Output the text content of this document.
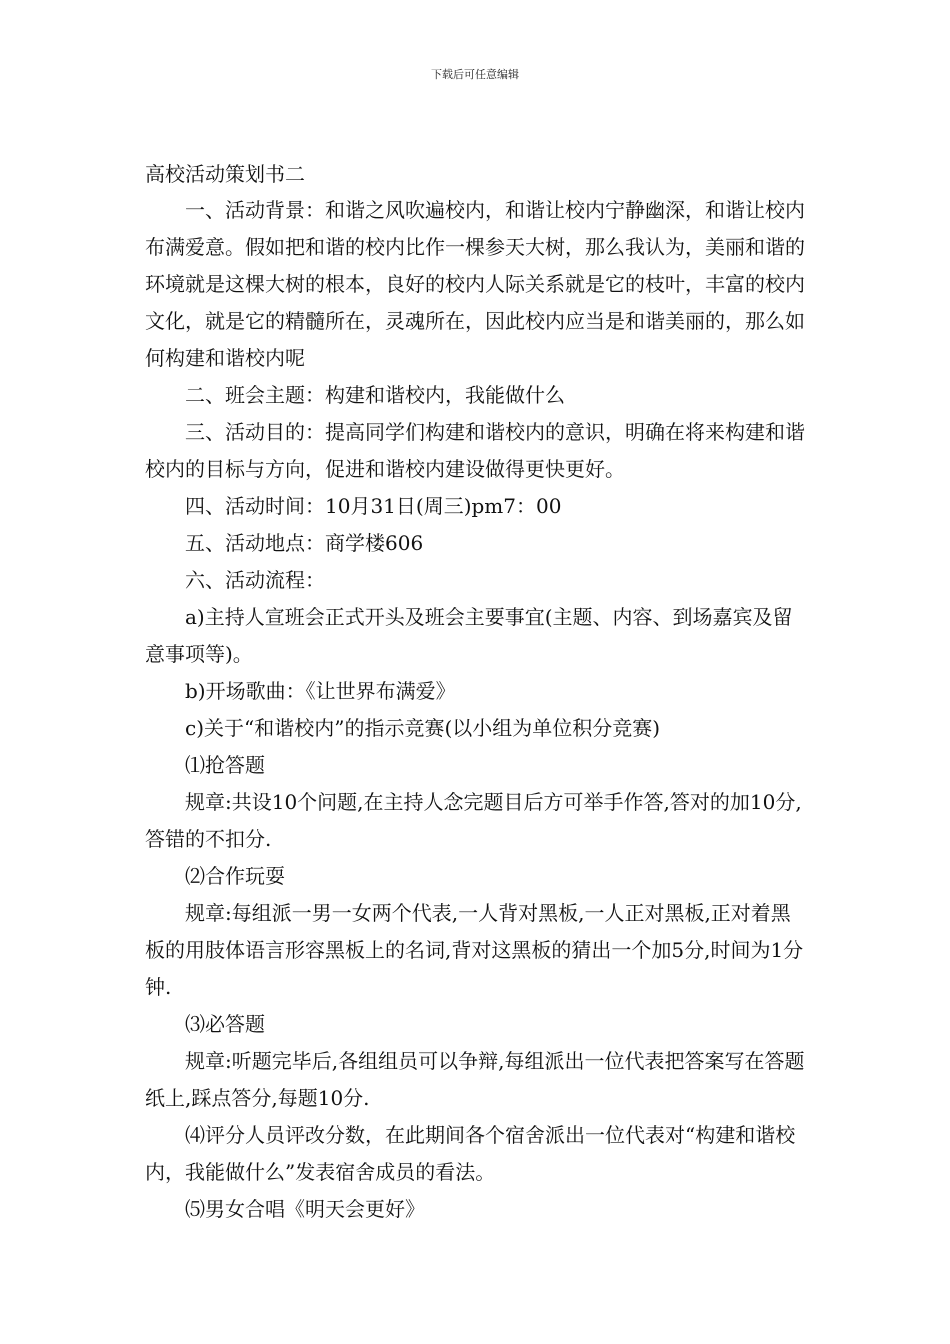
下载后可任意编辑

高校活动策划书二

一、活动背景：和谐之风吹遍校内，和谐让校内宁静幽深，和谐让校内布满爱意。假如把和谐的校内比作一棵参天大树，那么我认为，美丽和谐的环境就是这棵大树的根本，良好的校内人际关系就是它的枝叶，丰富的校内文化，就是它的精髓所在，灵魂所在，因此校内应当是和谐美丽的，那么如何构建和谐校内呢

二、班会主题：构建和谐校内，我能做什么

三、活动目的：提高同学们构建和谐校内的意识，明确在将来构建和谐校内的目标与方向，促进和谐校内建设做得更快更好。

四、活动时间：10月31日(周三)pm7：00

五、活动地点：商学楼606

六、活动流程：

a)主持人宣班会正式开头及班会主要事宜(主题、内容、到场嘉宾及留意事项等)。

b)开场歌曲：《让世界布满爱》

c)关于“和谐校内”的指示竞赛(以小组为单位积分竞赛)

⑴抢答题

规章:共设10个问题,在主持人念完题目后方可举手作答,答对的加10分,答错的不扣分.

⑵合作玩耍

规章:每组派一男一女两个代表,一人背对黑板,一人正对黑板,正对着黑板的用肢体语言形容黑板上的名词,背对这黑板的猜出一个加5分,时间为1分钟.

⑶必答题

规章:听题完毕后,各组组员可以争辩,每组派出一位代表把答案写在答题纸上,踩点答分,每题10分.

⑷评分人员评改分数，在此期间各个宿舍派出一位代表对“构建和谐校内，我能做什么”发表宿舍成员的看法。

⑸男女合唱《明天会更好》
